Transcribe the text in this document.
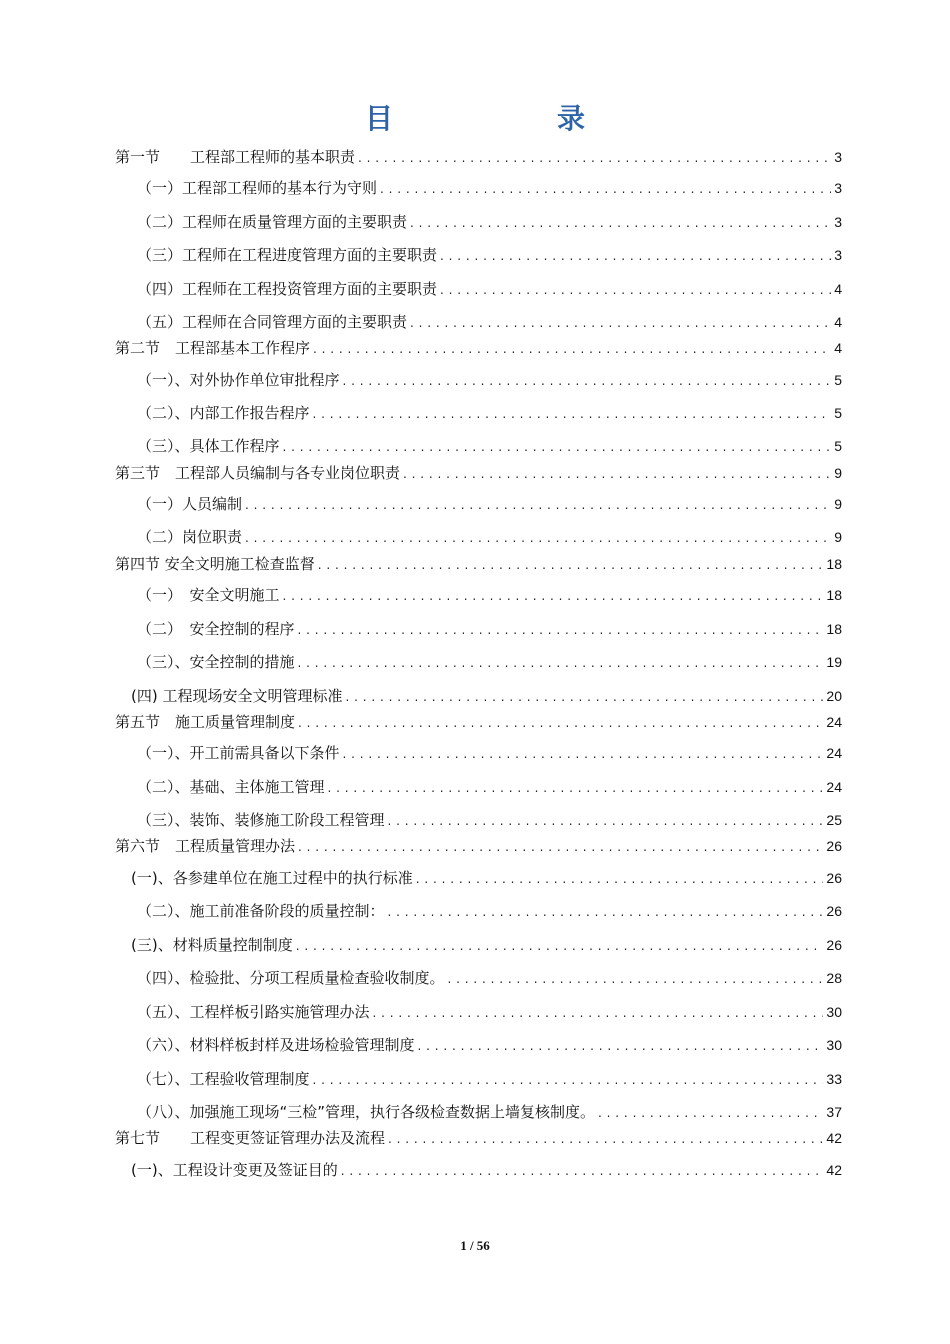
目　录
第一节　　工程部工程师的基本职责 . . .	3
（一）工程部工程师的基本行为守则 . . .	3
（二）工程师在质量管理方面的主要职责 . . .	3
（三）工程师在工程进度管理方面的主要职责 . . .	3
（四）工程师在工程投资管理方面的主要职责 . . .	4
（五）工程师在合同管理方面的主要职责 . . .	4
第二节　工程部基本工作程序 . . .	4
（一）、对外协作单位审批程序 . . .	5
（二）、内部工作报告程序 . . .	5
（三）、具体工作程序 . . .	5
第三节　工程部人员编制与各专业岗位职责 . . .	9
（一）人员编制 . . .	9
（二）岗位职责 . . .	9
第四节 安全文明施工检查监督 . . .	18
（一）　安全文明施工 . . .	18
（二）　安全控制的程序 . . .	18
（三）、安全控制的措施 . . .	19
(四) 工程现场安全文明管理标准 . . .	20
第五节　施工质量管理制度 . . .	24
（一）、开工前需具备以下条件 . . .	24
（二）、基础、主体施工管理 . . .	24
（三）、装饰、装修施工阶段工程管理 . . .	25
第六节　工程质量管理办法 . . .	26
(一)、各参建单位在施工过程中的执行标准 . . .	26
（二）、施工前准备阶段的质量控制： . . .	26
(三)、材料质量控制制度 . . .	26
（四）、检验批、分项工程质量检查验收制度。 . . .	28
（五）、工程样板引路实施管理办法 . . .	30
（六）、材料样板封样及进场检验管理制度 . . .	30
（七）、工程验收管理制度 . . .	33
（八）、加强施工现场“三检”管理，执行各级检查数据上墙复核制度。 . . .	37
第七节　　工程变更签证管理办法及流程 . . .	42
(一)、工程设计变更及签证目的 . . .	42
1 / 56
